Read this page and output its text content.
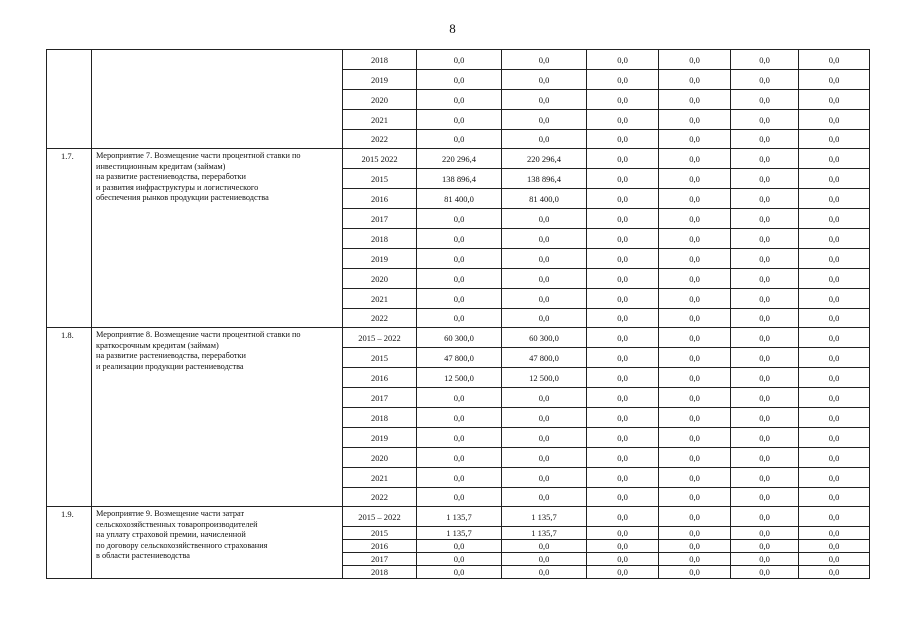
8
		2018	0,0	0,0	0,0	0,0	0,0	0,0
		2019	0,0	0,0	0,0	0,0	0,0	0,0
		2020	0,0	0,0	0,0	0,0	0,0	0,0
		2021	0,0	0,0	0,0	0,0	0,0	0,0
		2022	0,0	0,0	0,0	0,0	0,0	0,0
1.7.	Мероприятие 7. Возмещение части процентной ставки по
инвестиционным кредитам (займам)
на развитие растениеводства, переработки
и развития инфраструктуры и логистического
обеспечения рынков продукции растениеводства	2015 2022	220 296,4	220 296,4	0,0	0,0	0,0	0,0
		2015	138 896,4	138 896,4	0,0	0,0	0,0	0,0
		2016	81 400,0	81 400,0	0,0	0,0	0,0	0,0
		2017	0,0	0,0	0,0	0,0	0,0	0,0
		2018	0,0	0,0	0,0	0,0	0,0	0,0
		2019	0,0	0,0	0,0	0,0	0,0	0,0
		2020	0,0	0,0	0,0	0,0	0,0	0,0
		2021	0,0	0,0	0,0	0,0	0,0	0,0
		2022	0,0	0,0	0,0	0,0	0,0	0,0
1.8.	Мероприятие 8. Возмещение части процентной ставки по
краткосрочным кредитам (займам)
на развитие растениеводства, переработки
и реализации продукции растениеводства	2015 – 2022	60 300,0	60 300,0	0,0	0,0	0,0	0,0
		2015	47 800,0	47 800,0	0,0	0,0	0,0	0,0
		2016	12 500,0	12 500,0	0,0	0,0	0,0	0,0
		2017	0,0	0,0	0,0	0,0	0,0	0,0
		2018	0,0	0,0	0,0	0,0	0,0	0,0
		2019	0,0	0,0	0,0	0,0	0,0	0,0
		2020	0,0	0,0	0,0	0,0	0,0	0,0
		2021	0,0	0,0	0,0	0,0	0,0	0,0
		2022	0,0	0,0	0,0	0,0	0,0	0,0
1.9.	Мероприятие 9. Возмещение части затрат
сельскохозяйственных товаропроизводителей
на уплату страховой премии, начисленной
по договору сельскохозяйственного страхования
в области растениеводства	2015 – 2022	1 135,7	1 135,7	0,0	0,0	0,0	0,0
		2015	1 135,7	1 135,7	0,0	0,0	0,0	0,0
		2016	0,0	0,0	0,0	0,0	0,0	0,0
		2017	0,0	0,0	0,0	0,0	0,0	0,0
		2018	0,0	0,0	0,0	0,0	0,0	0,0
